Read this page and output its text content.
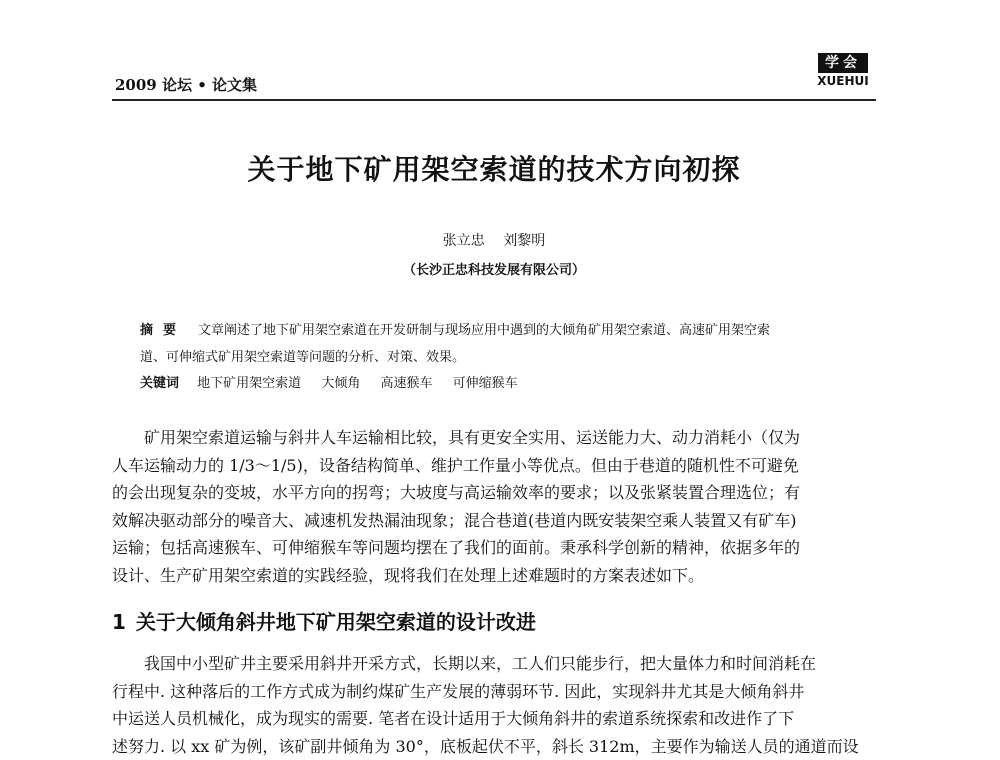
2009 论坛 • 论文集
学会
XUEHUI
关于地下矿用架空索道的技术方向初探
张立忠 刘黎明
（长沙正忠科技发展有限公司）
摘要 文章阐述了地下矿用架空索道在开发研制与现场应用中遇到的大倾角矿用架空索道、高速矿用架空索
道、可伸缩式矿用架空索道等问题的分析、对策、效果。
关键词 地下矿用架空索道 大倾角 高速猴车 可伸缩猴车
矿用架空索道运输与斜井人车运输相比较，具有更安全实用、运送能力大、动力消耗小（仅为
人车运输动力的 1/3～1/5)，设备结构简单、维护工作量小等优点。但由于巷道的随机性不可避免
的会出现复杂的变坡，水平方向的拐弯；大坡度与高运输效率的要求；以及张紧装置合理选位；有
效解决驱动部分的噪音大、减速机发热漏油现象；混合巷道(巷道内既安装架空乘人装置又有矿车)
运输；包括高速猴车、可伸缩猴车等问题均摆在了我们的面前。秉承科学创新的精神，依据多年的
设计、生产矿用架空索道的实践经验，现将我们在处理上述难题时的方案表述如下。
1 关于大倾角斜井地下矿用架空索道的设计改进
我国中小型矿井主要采用斜井开采方式，长期以来，工人们只能步行，把大量体力和时间消耗在
行程中. 这种落后的工作方式成为制约煤矿生产发展的薄弱环节. 因此，实现斜井尤其是大倾角斜井
中运送人员机械化，成为现实的需要. 笔者在设计适用于大倾角斜井的索道系统探索和改进作了下
述努力. 以 xx 矿为例，该矿副井倾角为 30°，底板起伏不平，斜长 312m，主要作为输送人员的通道而设
